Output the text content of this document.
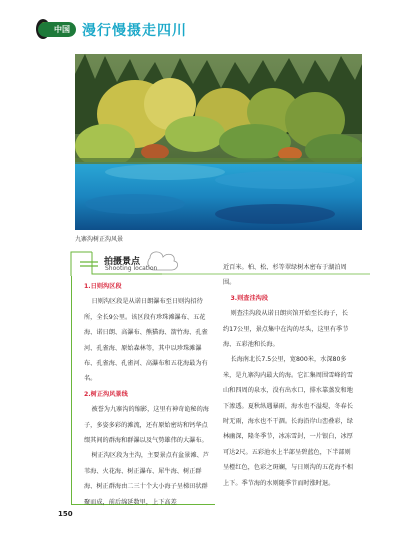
中国 漫行慢摄走四川
九寨沟树正沟风景
拍摄景点
Shooting location

1.日则沟区段

日则沟区段是从诺日朗瀑布至日则沟招待所，全长9公里。该区段有珍珠滩瀑布、五花海、诺日朗、高瀑布、熊猫海、箭竹海、孔雀河、孔雀海、原始森林等，其中以珍珠滩瀑布、孔雀海、孔雀河、高瀑布和五花海最为有名。

2.树正沟风景线

被誉为九寨沟的缩影，这里有神奇诡秘的海子，多姿多彩的滩流，还有原始密坊和钙华点缀其间的群海和群瀑以及气势雄伟的大瀑布。

树正沟区段为主沟，主要景点有盆景滩、芦苇海、火花海、树正瀑布、犀牛海、树正群海、树正群海由二三十个大小海子呈梯田状群聚而成，前后绵延数里，上下高差

近百米。柏、松、杉等翠绿树木密布于湖泊周围。

3.则查洼沟段

则查洼沟段从诺日朗宾馆开始至长海子，长约17公里，景点集中在沟的尽头，这里有季节海、五彩池和长海。

长海南北长7.5公里，宽800米，水深80多米，是九寨沟内最大的海。它汇集周围雪峰的雪山和四周的泉水，没有出水口，排水靠蒸发和地下渗透。夏秋纵遇暴雨，海水也不溢堤，冬春长时无雨，海水也不干涸。长海沿岸山峦叠彩，绿林幽深，隆冬季节，冰冻雪封，一片银白，冰厚可达2尺。五彩池水上半部呈碧蓝色，下半部则呈橙红色，色彩之斑斓，与日则沟的五花海不相上下。季节海的水则随季节而时涨时退。

150
